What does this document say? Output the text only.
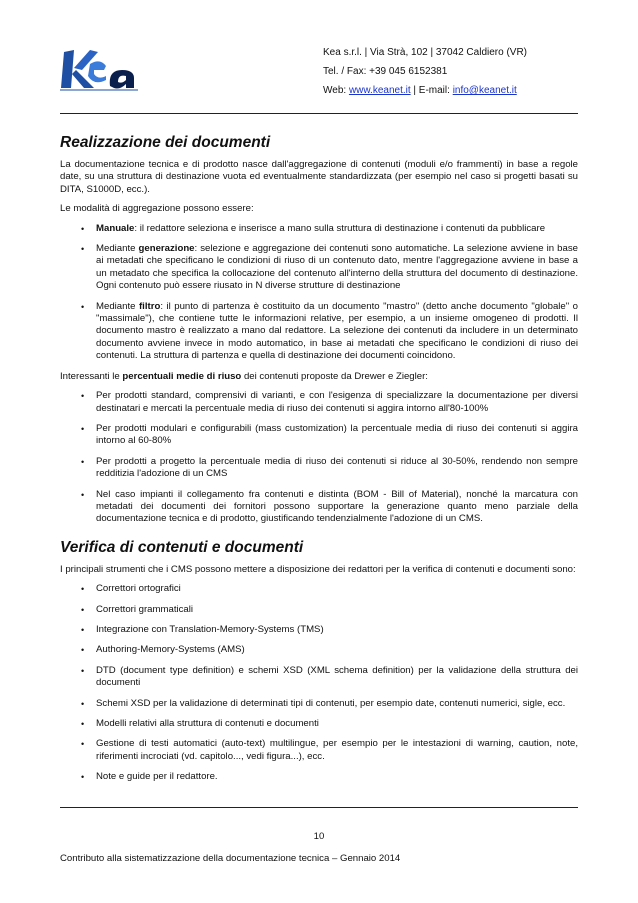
Kea s.r.l. | Via Strà, 102 | 37042 Caldiero (VR)
Tel. / Fax: +39 045 6152381
Web: www.keanet.it | E-mail: info@keanet.it
Realizzazione dei documenti

La documentazione tecnica e di prodotto nasce dall'aggregazione di contenuti (moduli e/o frammenti) in base a regole date, su una struttura di destinazione vuota ed eventualmente standardizzata (per esempio nel caso si progetti basati su DITA, S1000D, ecc.).

Le modalità di aggregazione possono essere:

• Manuale: il redattore seleziona e inserisce a mano sulla struttura di destinazione i contenuti da pubblicare
• Mediante generazione: selezione e aggregazione dei contenuti sono automatiche. La selezione avviene in base ai metadati che specificano le condizioni di riuso di un contenuto dato, mentre l'aggregazione avviene in base a un metadato che specifica la collocazione del contenuto all'interno della struttura del documento di destinazione. Ogni contenuto può essere riusato in N diverse strutture di destinazione
• Mediante filtro: il punto di partenza è costituito da un documento "mastro" (detto anche documento "globale" o "massimale"), che contiene tutte le informazioni relative, per esempio, a un insieme omogeneo di prodotti. Il documento mastro è realizzato a mano dal redattore. La selezione dei contenuti da includere in un determinato documento avviene invece in modo automatico, in base ai metadati che specificano le condizioni di riuso dei contenuti. La struttura di partenza e quella di destinazione dei documenti coincidono.

Interessanti le percentuali medie di riuso dei contenuti proposte da Drewer e Ziegler:

• Per prodotti standard, comprensivi di varianti, e con l'esigenza di specializzare la documentazione per diversi destinatari e mercati la percentuale media di riuso dei contenuti si aggira intorno all'80-100%
• Per prodotti modulari e configurabili (mass customization) la percentuale media di riuso dei contenuti si aggira intorno al 60-80%
• Per prodotti a progetto la percentuale media di riuso dei contenuti si riduce al 30-50%, rendendo non sempre redditizia l'adozione di un CMS
• Nel caso impianti il collegamento fra contenuti e distinta (BOM - Bill of Material), nonché la marcatura con metadati dei documenti dei fornitori possono supportare la generazione quanto meno parziale della documentazione tecnica e di prodotto, giustificando tendenzialmente l'adozione di un CMS.
Verifica di contenuti e documenti

I principali strumenti che i CMS possono mettere a disposizione dei redattori per la verifica di contenuti e documenti sono:

• Correttori ortografici
• Correttori grammaticali
• Integrazione con Translation-Memory-Systems (TMS)
• Authoring-Memory-Systems (AMS)
• DTD (document type definition) e schemi XSD (XML schema definition) per la validazione della struttura dei documenti
• Schemi XSD per la validazione di determinati tipi di contenuti, per esempio date, contenuti numerici, sigle, ecc.
• Modelli relativi alla struttura di contenuti e documenti
• Gestione di testi automatici (auto-text) multilingue, per esempio per le intestazioni di warning, caution, note, riferimenti incrociati (vd. capitolo..., vedi figura...), ecc.
• Note e guide per il redattore.
10
Contributo alla sistematizzazione della documentazione tecnica – Gennaio 2014
